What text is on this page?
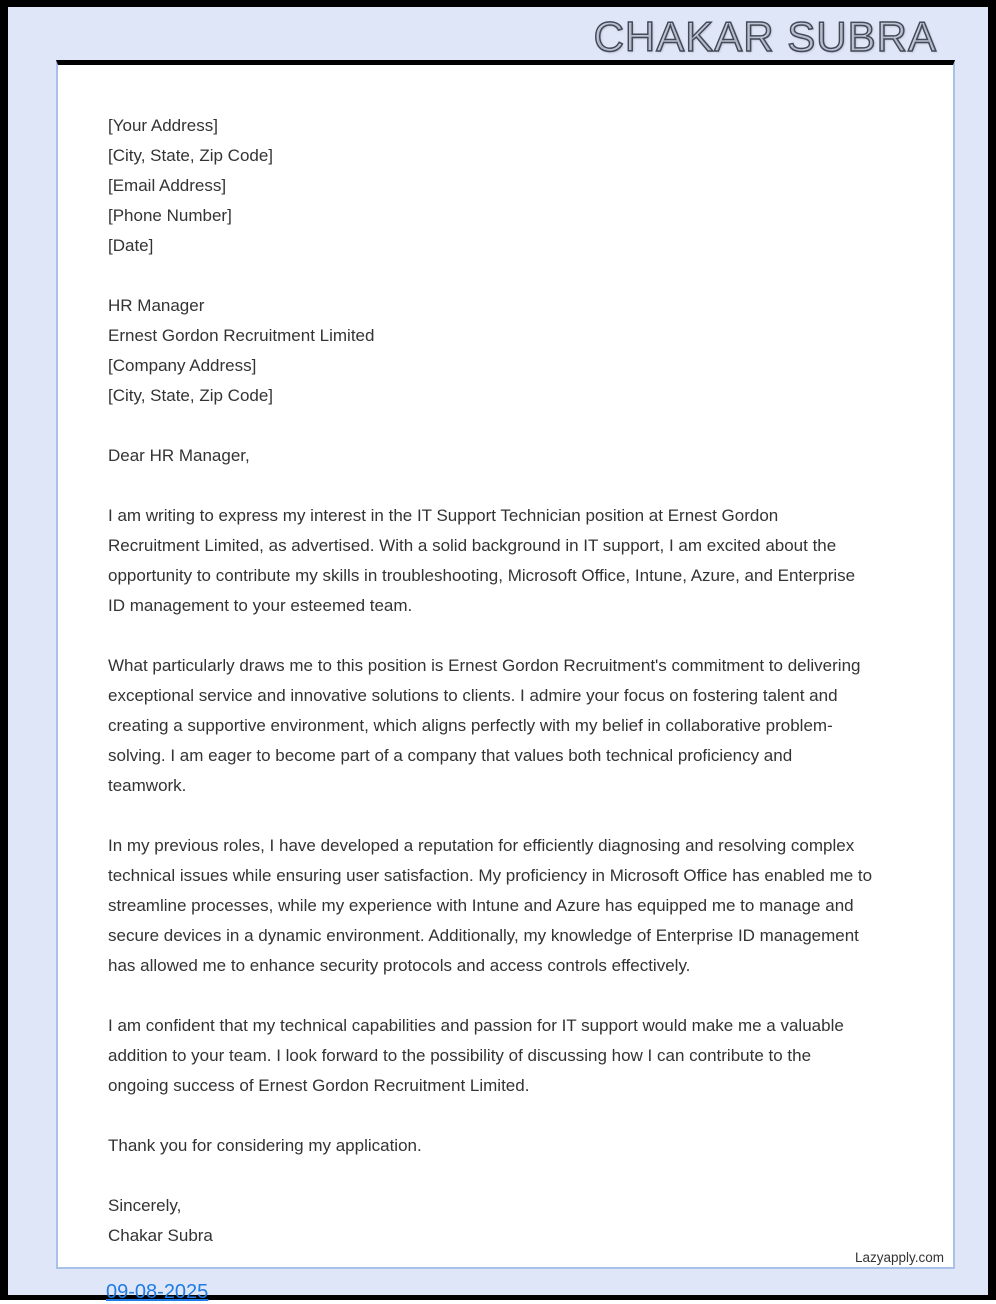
CHAKAR SUBRA
[Your Address]
[City, State, Zip Code]
[Email Address]
[Phone Number]
[Date]
HR Manager
Ernest Gordon Recruitment Limited
[Company Address]
[City, State, Zip Code]
Dear HR Manager,

I am writing to express my interest in the IT Support Technician position at Ernest Gordon Recruitment Limited, as advertised. With a solid background in IT support, I am excited about the opportunity to contribute my skills in troubleshooting, Microsoft Office, Intune, Azure, and Enterprise ID management to your esteemed team.

What particularly draws me to this position is Ernest Gordon Recruitment's commitment to delivering exceptional service and innovative solutions to clients. I admire your focus on fostering talent and creating a supportive environment, which aligns perfectly with my belief in collaborative problem-solving. I am eager to become part of a company that values both technical proficiency and teamwork.

In my previous roles, I have developed a reputation for efficiently diagnosing and resolving complex technical issues while ensuring user satisfaction. My proficiency in Microsoft Office has enabled me to streamline processes, while my experience with Intune and Azure has equipped me to manage and secure devices in a dynamic environment. Additionally, my knowledge of Enterprise ID management has allowed me to enhance security protocols and access controls effectively.

I am confident that my technical capabilities and passion for IT support would make me a valuable addition to your team. I look forward to the possibility of discussing how I can contribute to the ongoing success of Ernest Gordon Recruitment Limited.

Thank you for considering my application.

Sincerely,
Chakar Subra
Lazyapply.com
09-08-2025
